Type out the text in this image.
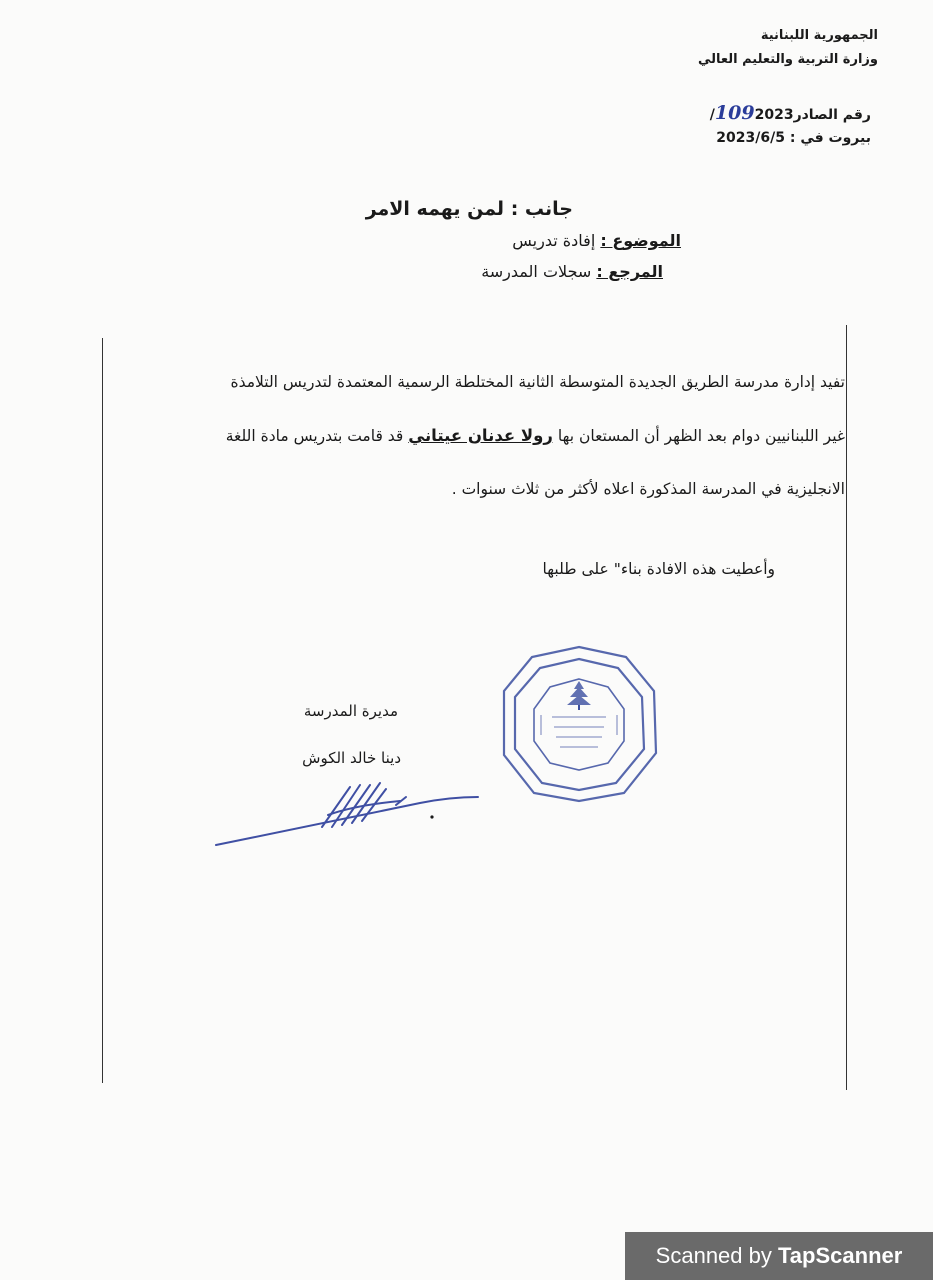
الجمهورية اللبنانية
وزارة التربية والتعليم العالي
رقم الصادر1092023/
بيروت في : 2023/6/5
جانب : لمن يهمه الامر
الموضوع : إفادة تدريس
المرجع : سجلات المدرسة
تفيد إدارة مدرسة الطريق الجديدة المتوسطة الثانية المختلطة الرسمية المعتمدة لتدريس التلامذة
غير اللبنانيين دوام بعد الظهر أن المستعان بها رولا عدنان عيتاني قد قامت بتدريس مادة اللغة
الانجليزية في المدرسة المذكورة اعلاه لأكثر من ثلاث سنوات .
وأعطيت هذه الافادة بناء" على طلبها
مديرة المدرسة
دينا خالد الكوش
Scanned by TapScanner
